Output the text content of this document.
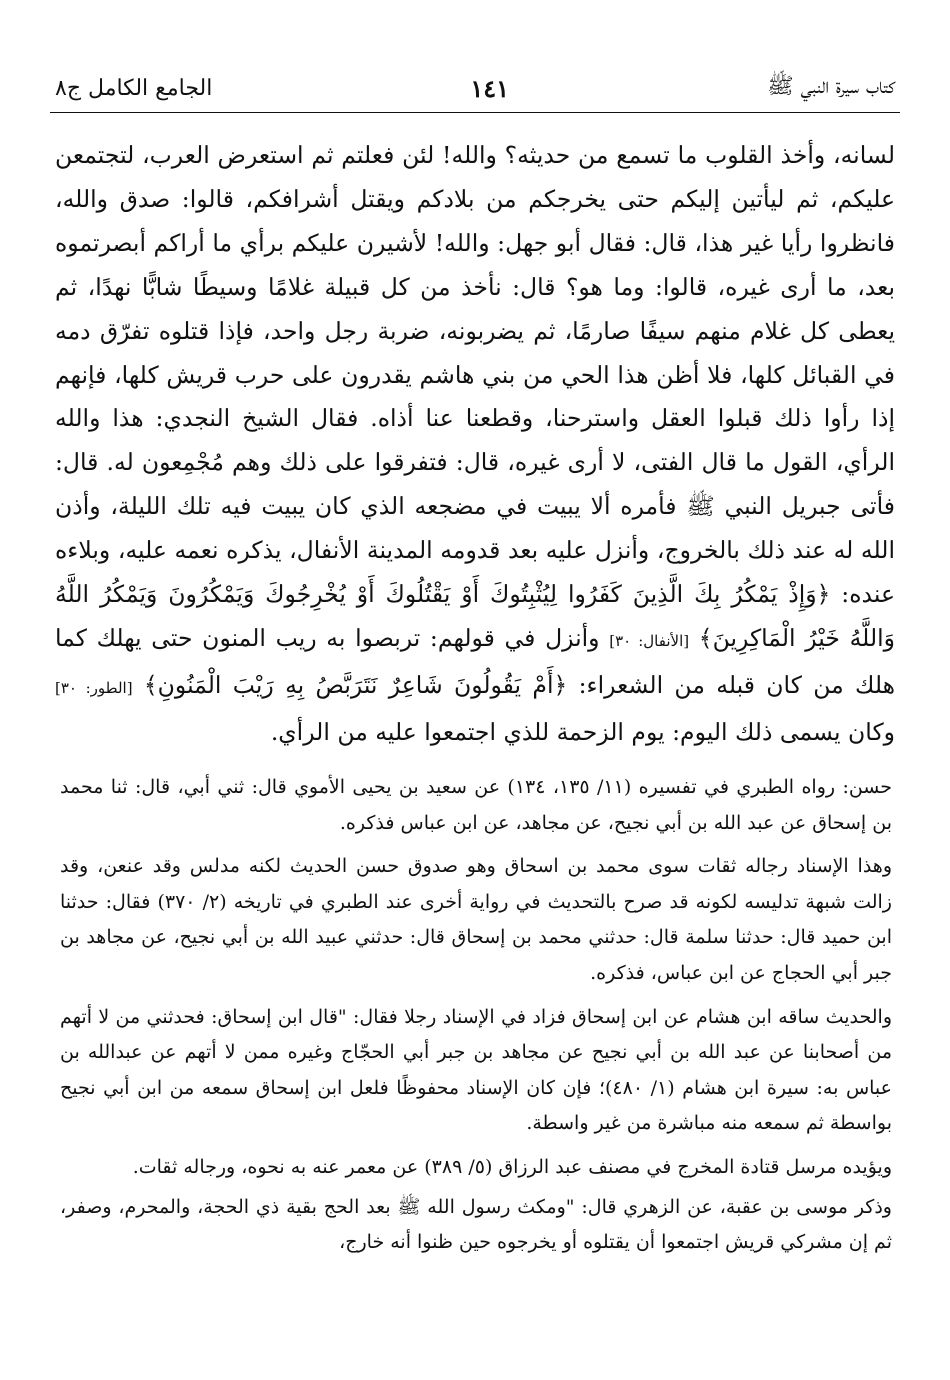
كتاب سيرة النبي ﷺ
١٤١
الجامع الكامل ج٨

لسانه، وأخذ القلوب ما تسمع من حديثه؟ والله! لئن فعلتم ثم استعرض العرب، لتجتمعن عليكم، ثم ليأتين إليكم حتى يخرجكم من بلادكم ويقتل أشرافكم، قالوا: صدق والله، فانظروا رأيا غير هذا، قال: فقال أبو جهل: والله! لأشيرن عليكم برأي ما أراكم أبصرتموه بعد، ما أرى غيره، قالوا: وما هو؟ قال: نأخذ من كل قبيلة غلامًا وسيطًا شابًّا نهدًا، ثم يعطى كل غلام منهم سيفًا صارمًا، ثم يضربونه، ضربة رجل واحد، فإذا قتلوه تفرّق دمه في القبائل كلها، فلا أظن هذا الحي من بني هاشم يقدرون على حرب قريش كلها، فإنهم إذا رأوا ذلك قبلوا العقل واسترحنا، وقطعنا عنا أذاه. فقال الشيخ النجدي: هذا والله الرأي، القول ما قال الفتى، لا أرى غيره، قال: فتفرقوا على ذلك وهم مُجْمِعون له. قال: فأتى جبريل النبي ﷺ فأمره ألا يبيت في مضجعه الذي كان يبيت فيه تلك الليلة، وأذن الله له عند ذلك بالخروج، وأنزل عليه بعد قدومه المدينة الأنفال، يذكره نعمه عليه، وبلاءه عنده: ﴿وَإِذْ يَمْكُرُ بِكَ الَّذِينَ كَفَرُوا لِيُثْبِتُوكَ أَوْ يَقْتُلُوكَ أَوْ يُخْرِجُوكَ وَيَمْكُرُونَ وَيَمْكُرُ اللَّهُ وَاللَّهُ خَيْرُ الْمَاكِرِينَ﴾ [الأنفال: ٣٠] وأنزل في قولهم: تربصوا به ريب المنون حتى يهلك كما هلك من كان قبله من الشعراء: ﴿أَمْ يَقُولُونَ شَاعِرٌ نَتَرَبَّصُ بِهِ رَيْبَ الْمَنُونِ﴾ [الطور: ٣٠] وكان يسمى ذلك اليوم: يوم الزحمة للذي اجتمعوا عليه من الرأي.

حسن: رواه الطبري في تفسيره (١١/ ١٣٥، ١٣٤) عن سعيد بن يحيى الأموي قال: ثني أبي، قال: ثنا محمد بن إسحاق عن عبد الله بن أبي نجيح، عن مجاهد، عن ابن عباس فذكره.

وهذا الإسناد رجاله ثقات سوى محمد بن اسحاق وهو صدوق حسن الحديث لكنه مدلس وقد عنعن، وقد زالت شبهة تدليسه لكونه قد صرح بالتحديث في رواية أخرى عند الطبري في تاريخه (٢/ ٣٧٠) فقال: حدثنا ابن حميد قال: حدثنا سلمة قال: حدثني محمد بن إسحاق قال: حدثني عبيد الله بن أبي نجيح، عن مجاهد بن جبر أبي الحجاج عن ابن عباس، فذكره.

والحديث ساقه ابن هشام عن ابن إسحاق فزاد في الإسناد رجلا فقال: "قال ابن إسحاق: فحدثني من لا أتهم من أصحابنا عن عبد الله بن أبي نجيح عن مجاهد بن جبر أبي الحجّاج وغيره ممن لا أتهم عن عبدالله بن عباس به: سيرة ابن هشام (١/ ٤٨٠)؛ فإن كان الإسناد محفوظًا فلعل ابن إسحاق سمعه من ابن أبي نجيح بواسطة ثم سمعه منه مباشرة من غير واسطة.

ويؤيده مرسل قتادة المخرج في مصنف عبد الرزاق (٥/ ٣٨٩) عن معمر عنه به نحوه، ورجاله ثقات.

وذكر موسى بن عقبة، عن الزهري قال: "ومكث رسول الله ﷺ بعد الحج بقية ذي الحجة، والمحرم، وصفر، ثم إن مشركي قريش اجتمعوا أن يقتلوه أو يخرجوه حين ظنوا أنه خارج،
